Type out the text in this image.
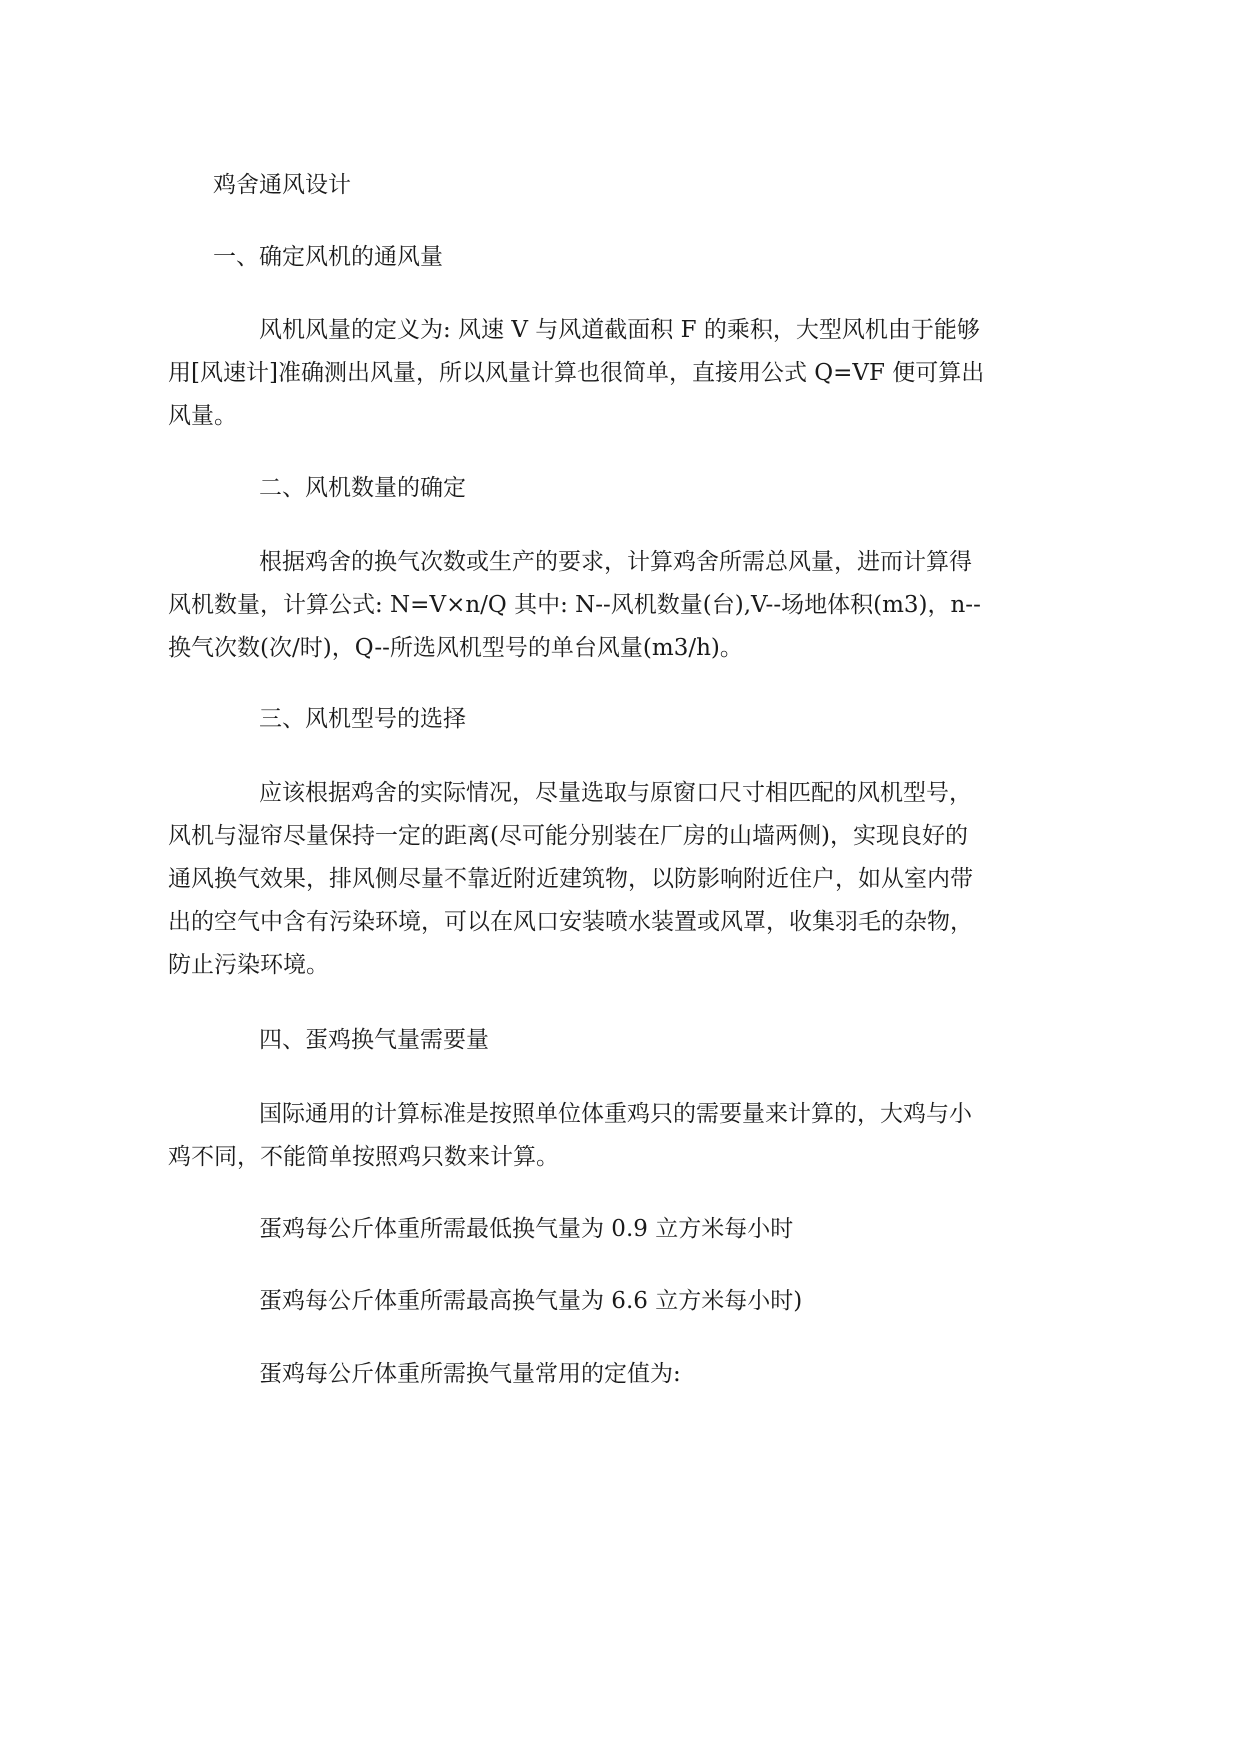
鸡舍通风设计
一、确定风机的通风量
风机风量的定义为: 风速 V 与风道截面积 F 的乘积，大型风机由于能够
用[风速计]准确测出风量，所以风量计算也很简单，直接用公式 Q=VF 便可算出
风量。
二、风机数量的确定
根据鸡舍的换气次数或生产的要求，计算鸡舍所需总风量，进而计算得
风机数量，计算公式: N=V×n/Q 其中: N--风机数量(台),V--场地体积(m3)，n--
换气次数(次/时)，Q--所选风机型号的单台风量(m3/h)。
三、风机型号的选择
应该根据鸡舍的实际情况，尽量选取与原窗口尺寸相匹配的风机型号，
风机与湿帘尽量保持一定的距离(尽可能分别装在厂房的山墙两侧)，实现良好的
通风换气效果，排风侧尽量不靠近附近建筑物，以防影响附近住户，如从室内带
出的空气中含有污染环境，可以在风口安装喷水装置或风罩，收集羽毛的杂物，
防止污染环境。
四、蛋鸡换气量需要量
国际通用的计算标准是按照单位体重鸡只的需要量来计算的，大鸡与小
鸡不同，不能简单按照鸡只数来计算。
蛋鸡每公斤体重所需最低换气量为 0.9 立方米每小时
蛋鸡每公斤体重所需最高换气量为 6.6 立方米每小时)
蛋鸡每公斤体重所需换气量常用的定值为:
